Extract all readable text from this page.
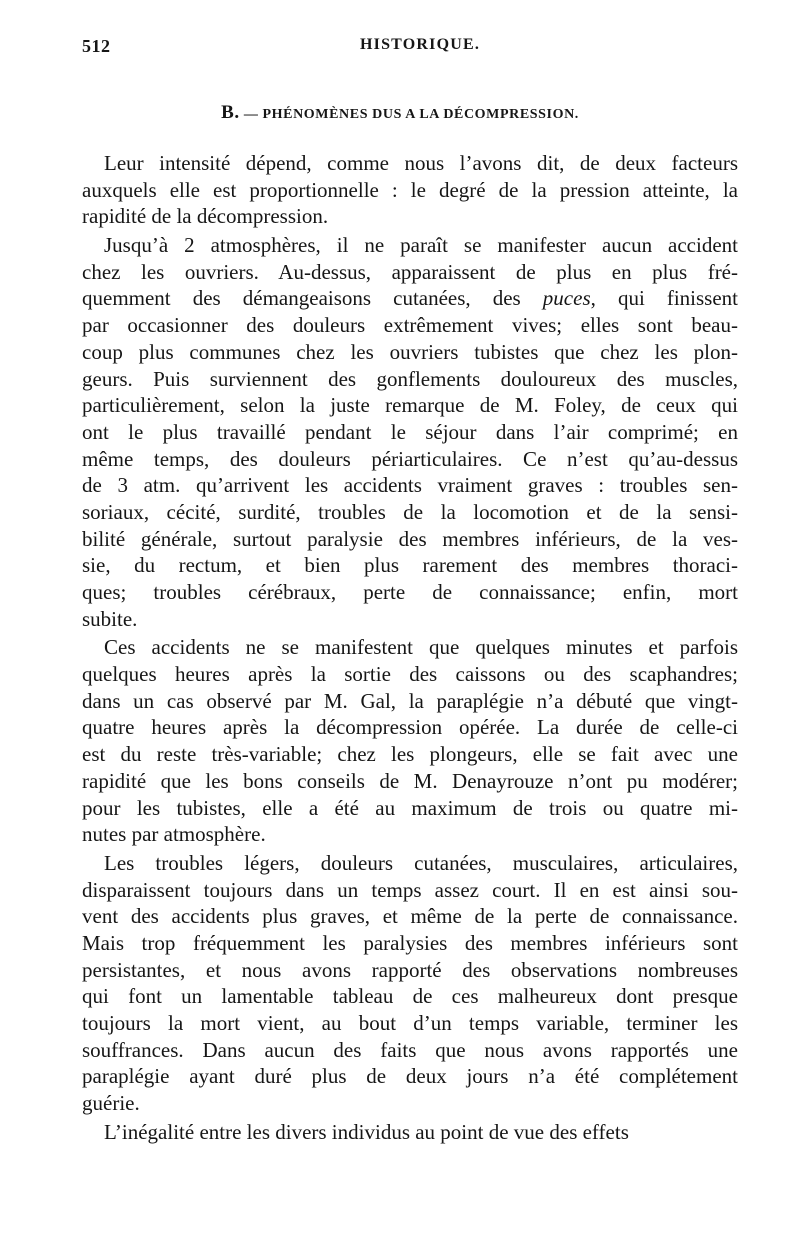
512	HISTORIQUE.
B. — PHÉNOMÈNES DUS A LA DÉCOMPRESSION.
Leur intensité dépend, comme nous l’avons dit, de deux facteurs
auxquels elle est proportionnelle : le degré de la pression atteinte, la
rapidité de la décompression.
Jusqu’à 2 atmosphères, il ne paraît se manifester aucun accident
chez les ouvriers. Au-dessus, apparaissent de plus en plus fré-
quemment des démangeaisons cutanées, des puces, qui finissent
par occasionner des douleurs extrêmement vives; elles sont beau-
coup plus communes chez les ouvriers tubistes que chez les plon-
geurs. Puis surviennent des gonflements douloureux des muscles,
particulièrement, selon la juste remarque de M. Foley, de ceux qui
ont le plus travaillé pendant le séjour dans l’air comprimé; en
même temps, des douleurs périarticulaires. Ce n’est qu’au-dessus
de 3 atm. qu’arrivent les accidents vraiment graves : troubles sen-
soriaux, cécité, surdité, troubles de la locomotion et de la sensi-
bilité générale, surtout paralysie des membres inférieurs, de la ves-
sie, du rectum, et bien plus rarement des membres thoraci-
ques; troubles cérébraux, perte de connaissance; enfin, mort
subite.
Ces accidents ne se manifestent que quelques minutes et parfois
quelques heures après la sortie des caissons ou des scaphandres;
dans un cas observé par M. Gal, la paraplégie n’a débuté que vingt-
quatre heures après la décompression opérée. La durée de celle-ci
est du reste très-variable; chez les plongeurs, elle se fait avec une
rapidité que les bons conseils de M. Denayrouze n’ont pu modérer;
pour les tubistes, elle a été au maximum de trois ou quatre mi-
nutes par atmosphère.
Les troubles légers, douleurs cutanées, musculaires, articulaires,
disparaissent toujours dans un temps assez court. Il en est ainsi sou-
vent des accidents plus graves, et même de la perte de connaissance.
Mais trop fréquemment les paralysies des membres inférieurs sont
persistantes, et nous avons rapporté des observations nombreuses
qui font un lamentable tableau de ces malheureux dont presque
toujours la mort vient, au bout d’un temps variable, terminer les
souffrances. Dans aucun des faits que nous avons rapportés une
paraplégie ayant duré plus de deux jours n’a été complétement
guérie.
L’inégalité entre les divers individus au point de vue des effets
